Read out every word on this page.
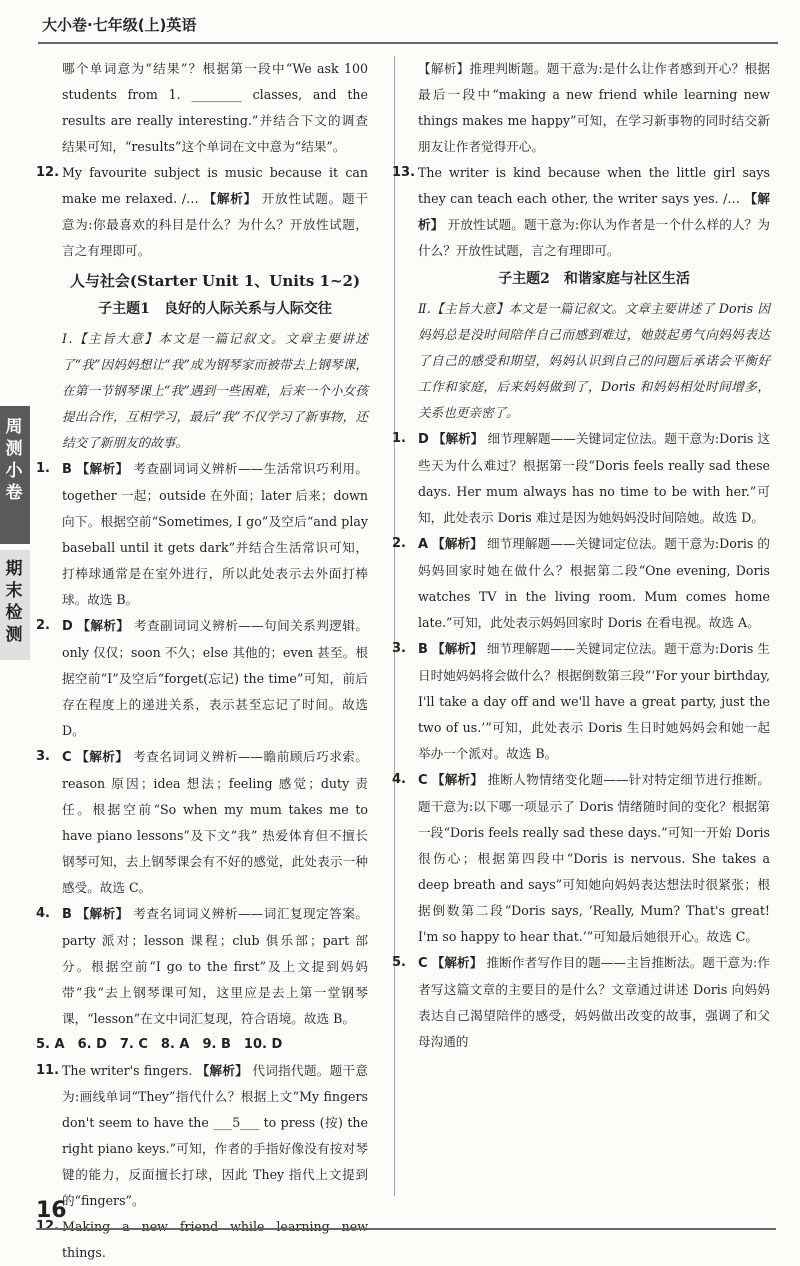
大小卷·七年级(上)英语
周
测
小
卷
期
末
检
测

哪个单词意为“结果”？根据第一段中“We ask 100 students from 1. ________ classes, and the results are really interesting.”并结合下文的调查结果可知，“results”这个单词在文中意为“结果”。

12. My favourite subject is music because it can make me relaxed. /… 【解析】 开放性试题。题干意为:你最喜欢的科目是什么？为什么？开放性试题，言之有理即可。

人与社会(Starter Unit 1、Units 1~2)
子主题1　良好的人际关系与人际交往

Ⅰ.【主旨大意】本文是一篇记叙文。文章主要讲述了“我”因妈妈想让“我”成为钢琴家而被带去上钢琴课，在第一节钢琴课上“我”遇到一些困难，后来一个小女孩提出合作，互相学习，最后“我”不仅学习了新事物，还结交了新朋友的故事。

1. B 【解析】 考查副词词义辨析——生活常识巧利用。together 一起；outside 在外面；later 后来；down 向下。根据空前“Sometimes, I go”及空后“and play baseball until it gets dark”并结合生活常识可知，打棒球通常是在室外进行，所以此处表示去外面打棒球。故选 B。

2. D 【解析】 考查副词词义辨析——句间关系判逻辑。only 仅仅；soon 不久；else 其他的；even 甚至。根据空前“I”及空后“forget(忘记) the time”可知，前后存在程度上的递进关系，表示甚至忘记了时间。故选 D。

3. C 【解析】 考查名词词义辨析——瞻前顾后巧求索。reason 原因；idea 想法；feeling 感觉；duty 责任。根据空前“So when my mum takes me to have piano lessons”及下文“我” 热爱体育但不擅长钢琴可知，去上钢琴课会有不好的感觉，此处表示一种感受。故选 C。

4. B 【解析】 考查名词词义辨析——词汇复现定答案。party 派对；lesson 课程；club 俱乐部；part 部分。根据空前“I go to the first”及上文提到妈妈带“我”去上钢琴课可知，这里应是去上第一堂钢琴课，“lesson”在文中词汇复现，符合语境。故选 B。

5. A　6. D　7. C　8. A　9. B　10. D

11. The writer's fingers. 【解析】 代词指代题。题干意为:画线单词“They”指代什么？根据上文“My fingers don't seem to have the ___5___ to press (按) the right piano keys.”可知，作者的手指好像没有按对琴键的能力，反面擅长打球，因此 They 指代上文提到的“fingers”。

12. Making a new friend while learning new things.

【解析】推理判断题。题干意为:是什么让作者感到开心？根据最后一段中“making a new friend while learning new things makes me happy”可知，在学习新事物的同时结交新朋友让作者觉得开心。

13. The writer is kind because when the little girl says they can teach each other, the writer says yes. /… 【解析】 开放性试题。题干意为:你认为作者是一个什么样的人？为什么？开放性试题，言之有理即可。

子主题2　和谐家庭与社区生活

Ⅱ.【主旨大意】本文是一篇记叙文。文章主要讲述了 Doris 因妈妈总是没时间陪伴自己而感到难过，她鼓起勇气向妈妈表达了自己的感受和期望，妈妈认识到自己的问题后承诺会平衡好工作和家庭，后来妈妈做到了，Doris 和妈妈相处时间增多，关系也更亲密了。

1. D 【解析】 细节理解题——关键词定位法。题干意为:Doris 这些天为什么难过？根据第一段“Doris feels really sad these days. Her mum always has no time to be with her.”可知，此处表示 Doris 难过是因为她妈妈没时间陪她。故选 D。

2. A 【解析】 细节理解题——关键词定位法。题干意为:Doris 的妈妈回家时她在做什么？根据第二段“One evening, Doris watches TV in the living room. Mum comes home late.”可知，此处表示妈妈回家时 Doris 在看电视。故选 A。

3. B 【解析】 细节理解题——关键词定位法。题干意为:Doris 生日时她妈妈将会做什么？根据倒数第三段“‘For your birthday, I'll take a day off and we'll have a great party, just the two of us.’”可知，此处表示 Doris 生日时她妈妈会和她一起举办一个派对。故选 B。

4. C 【解析】 推断人物情绪变化题——针对特定细节进行推断。题干意为:以下哪一项显示了 Doris 情绪随时间的变化？根据第一段“Doris feels really sad these days.”可知一开始 Doris 很伤心；根据第四段中“Doris is nervous. She takes a deep breath and says”可知她向妈妈表达想法时很紧张；根据倒数第二段“Doris says, ‘Really, Mum? That's great! I'm so happy to hear that.’”可知最后她很开心。故选 C。

5. C 【解析】 推断作者写作目的题——主旨推断法。题干意为:作者写这篇文章的主要目的是什么？文章通过讲述 Doris 向妈妈表达自己渴望陪伴的感受，妈妈做出改变的故事，强调了和父母沟通的

16
